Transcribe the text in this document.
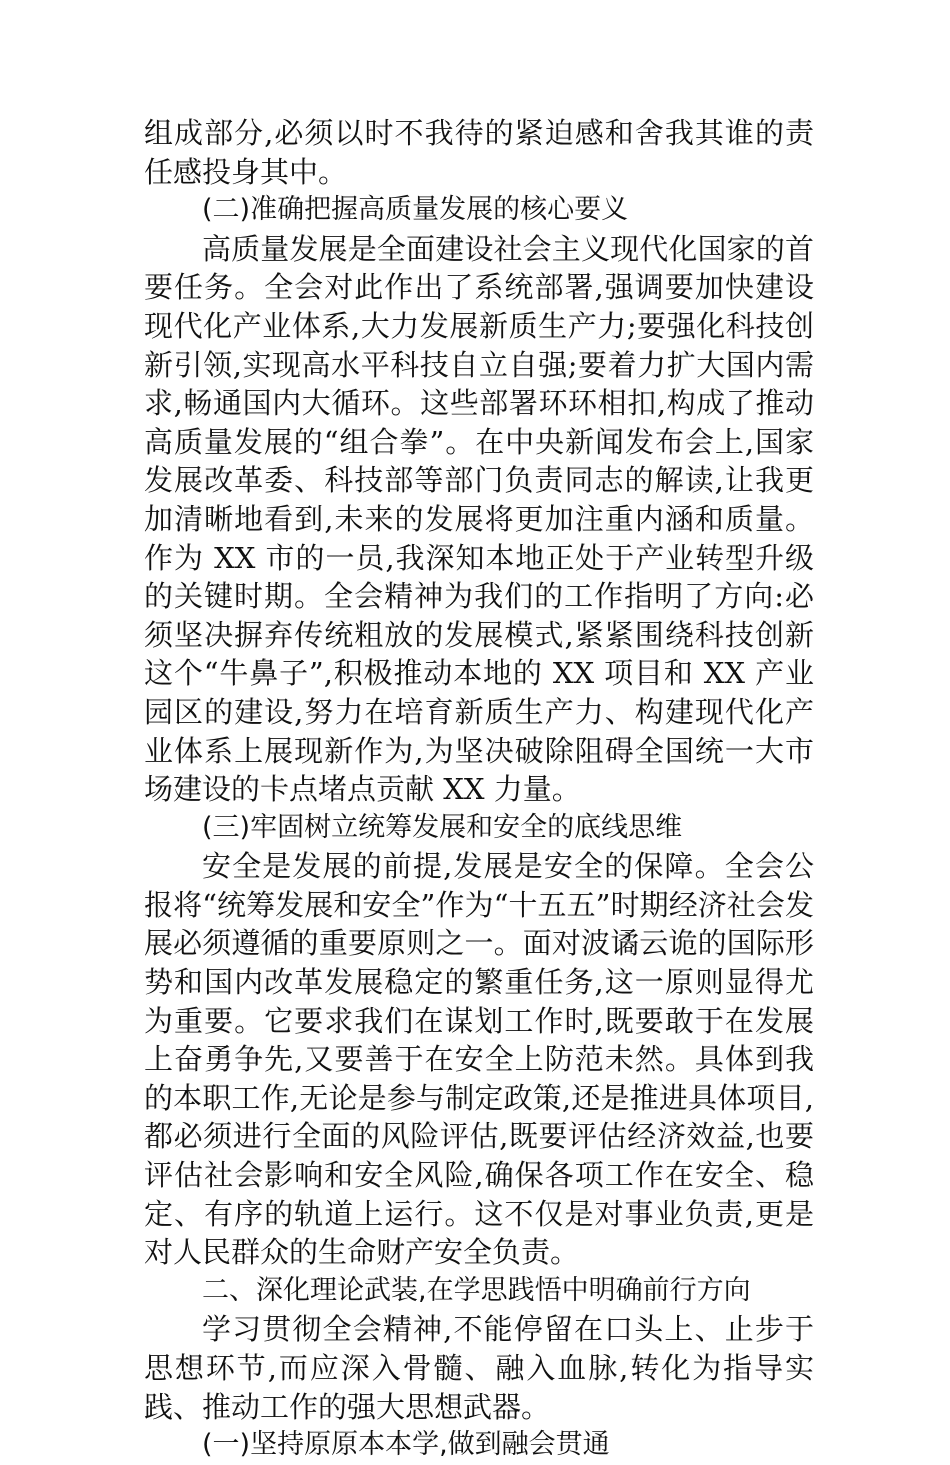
组成部分,必须以时不我待的紧迫感和舍我其谁的责任感投身其中。

(二)准确把握高质量发展的核心要义

高质量发展是全面建设社会主义现代化国家的首要任务。全会对此作出了系统部署,强调要加快建设现代化产业体系,大力发展新质生产力;要强化科技创新引领,实现高水平科技自立自强;要着力扩大国内需求,畅通国内大循环。这些部署环环相扣,构成了推动高质量发展的“组合拳”。在中央新闻发布会上,国家发展改革委、科技部等部门负责同志的解读,让我更加清晰地看到,未来的发展将更加注重内涵和质量。作为 XX 市的一员,我深知本地正处于产业转型升级的关键时期。全会精神为我们的工作指明了方向:必须坚决摒弃传统粗放的发展模式,紧紧围绕科技创新这个“牛鼻子”,积极推动本地的 XX 项目和 XX 产业园区的建设,努力在培育新质生产力、构建现代化产业体系上展现新作为,为坚决破除阻碍全国统一大市场建设的卡点堵点贡献 XX 力量。

(三)牢固树立统筹发展和安全的底线思维

安全是发展的前提,发展是安全的保障。全会公报将“统筹发展和安全”作为“十五五”时期经济社会发展必须遵循的重要原则之一。面对波谲云诡的国际形势和国内改革发展稳定的繁重任务,这一原则显得尤为重要。它要求我们在谋划工作时,既要敢于在发展上奋勇争先,又要善于在安全上防范未然。具体到我的本职工作,无论是参与制定政策,还是推进具体项目,都必须进行全面的风险评估,既要评估经济效益,也要评估社会影响和安全风险,确保各项工作在安全、稳定、有序的轨道上运行。这不仅是对事业负责,更是对人民群众的生命财产安全负责。

二、深化理论武装,在学思践悟中明确前行方向

学习贯彻全会精神,不能停留在口头上、止步于思想环节,而应深入骨髓、融入血脉,转化为指导实践、推动工作的强大思想武器。

(一)坚持原原本本学,做到融会贯通
